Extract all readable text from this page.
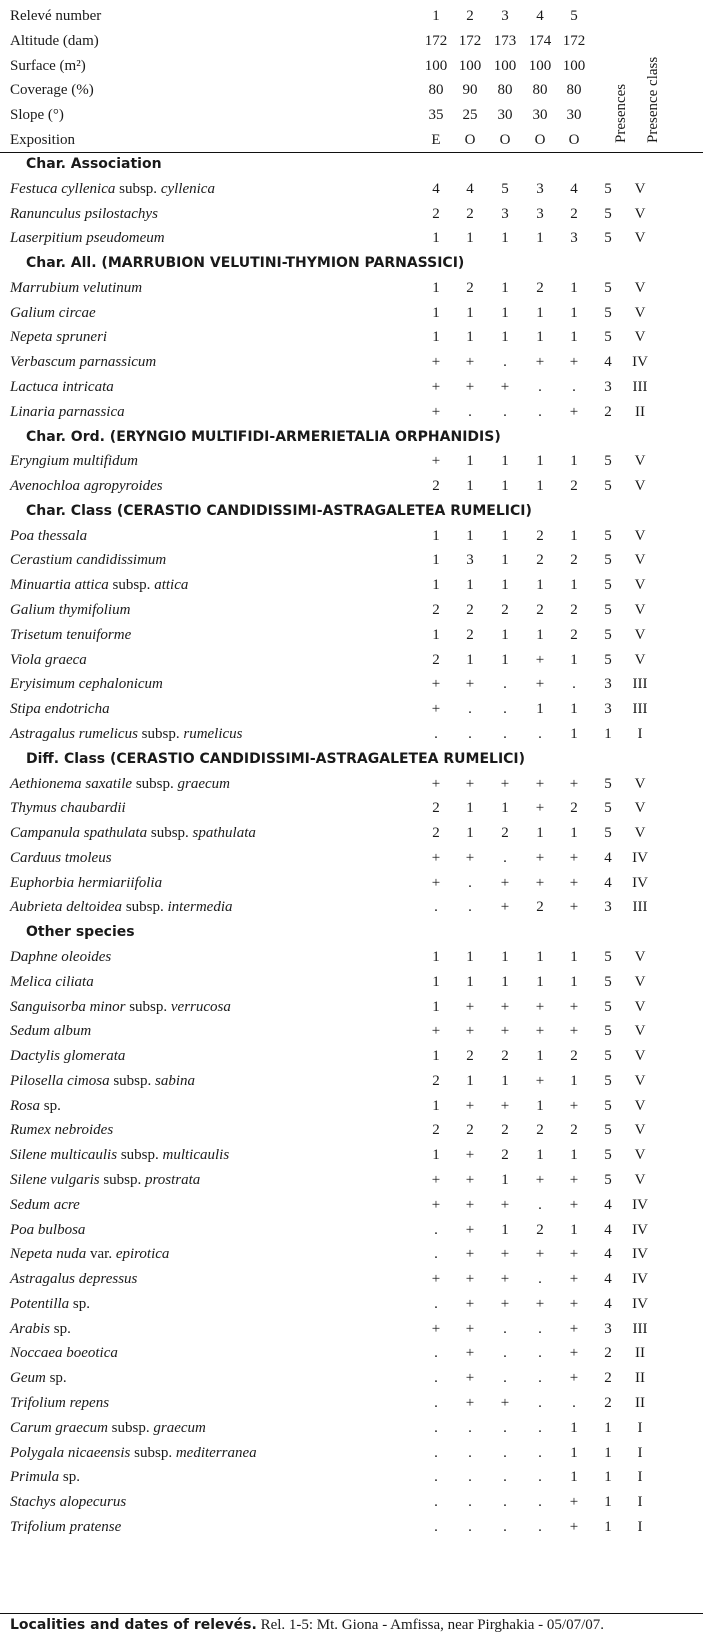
Presences Presence class
Localities and dates of relevés. Rel. 1-5: Mt. Giona - Amfissa, near Pirghakia - 05/07/07.
Relevé number	1	2	3	4	5
Altitude (dam)	172 172 173 174 172
Surface (m²)	100 100 100 100 100
Coverage (%)	80	90	80	80	80
Slope (°)	35	25	30	30	30
Exposition	E	O	O	O	O
Char. Association
Festuca cyllenica subsp. cyllenica	4	4	5	3	4	5	V
Ranunculus psilostachys	2	2	3	3	2	5	V
Laserpitium pseudomeum	1	1	1	1	3	5	V
Char. All. (MARRUBION VELUTINI-THYMION PARNASSICI)
Marrubium velutinum	1	2	1	2	1	5	V
Galium circae	1	1	1	1	1	5	V
Nepeta spruneri	1	1	1	1	1	5	V
Verbascum parnassicum	+	+	.	+	+	4	IV
Lactuca intricata	+	+	+	.	.	3	III
Linaria parnassica	+	.	.	.	+	2	II
Char. Ord. (ERYNGIO MULTIFIDI-ARMERIETALIA ORPHANIDIS)
Eryngium multifidum	+	1	1	1	1	5	V
Avenochloa agropyroides	2	1	1	1	2	5	V
Char. Class (CERASTIO CANDIDISSIMI-ASTRAGALETEA RUMELICI)
Poa thessala	1	1	1	2	1	5	V
Cerastium candidissimum	1	3	1	2	2	5	V
Minuartia attica subsp. attica	1	1	1	1	1	5	V
Galium thymifolium	2	2	2	2	2	5	V
Trisetum tenuiforme	1	2	1	1	2	5	V
Viola graeca	2	1	1	+	1	5	V
Eryisimum cephalonicum	+	+	.	+	.	3	III
Stipa endotricha	+	.	.	1	1	3	III
Astragalus rumelicus subsp. rumelicus	.	.	.	.	1	1	I
Diff. Class (CERASTIO CANDIDISSIMI-ASTRAGALETEA RUMELICI)
Aethionema saxatile subsp. graecum	+	+	+	+	+	5	V
Thymus chaubardii	2	1	1	+	2	5	V
Campanula spathulata subsp. spathulata	2	1	2	1	1	5	V
Carduus tmoleus	+	+	.	+	+	4	IV
Euphorbia hermiariifolia	+	.	+	+	+	4	IV
Aubrieta deltoidea subsp. intermedia	.	.	+	2	+	3	III
Other species
Daphne oleoides	1	1	1	1	1	5	V
Melica ciliata	1	1	1	1	1	5	V
Sanguisorba minor subsp. verrucosa	1	+	+	+	+	5	V
Sedum album	+	+	+	+	+	5	V
Dactylis glomerata	1	2	2	1	2	5	V
Pilosella cimosa subsp. sabina	2	1	1	+	1	5	V
Rosa sp.	1	+	+	1	+	5	V
Rumex nebroides	2	2	2	2	2	5	V
Silene multicaulis subsp. multicaulis	1	+	2	1	1	5	V
Silene vulgaris subsp. prostrata	+	+	1	+	+	5	V
Sedum acre	+	+	+	.	+	4	IV
Poa bulbosa	.	+	1	2	1	4	IV
Nepeta nuda var. epirotica	.	+	+	+	+	4	IV
Astragalus depressus	+	+	+	.	+	4	IV
Potentilla sp.	.	+	+	+	+	4	IV
Arabis sp.	+	+	.	.	+	3	III
Noccaea boeotica	.	+	.	.	+	2	II
Geum sp.	.	+	.	.	+	2	II
Trifolium repens	.	+	+	.	.	2	II
Carum graecum subsp. graecum	.	.	.	.	1	1	I
Polygala nicaeensis subsp. mediterranea	.	.	.	.	1	1	I
Primula sp.	.	.	.	.	1	1	I
Stachys alopecurus	.	.	.	.	+	1	I
Trifolium pratense	.	.	.	.	+	1	I
